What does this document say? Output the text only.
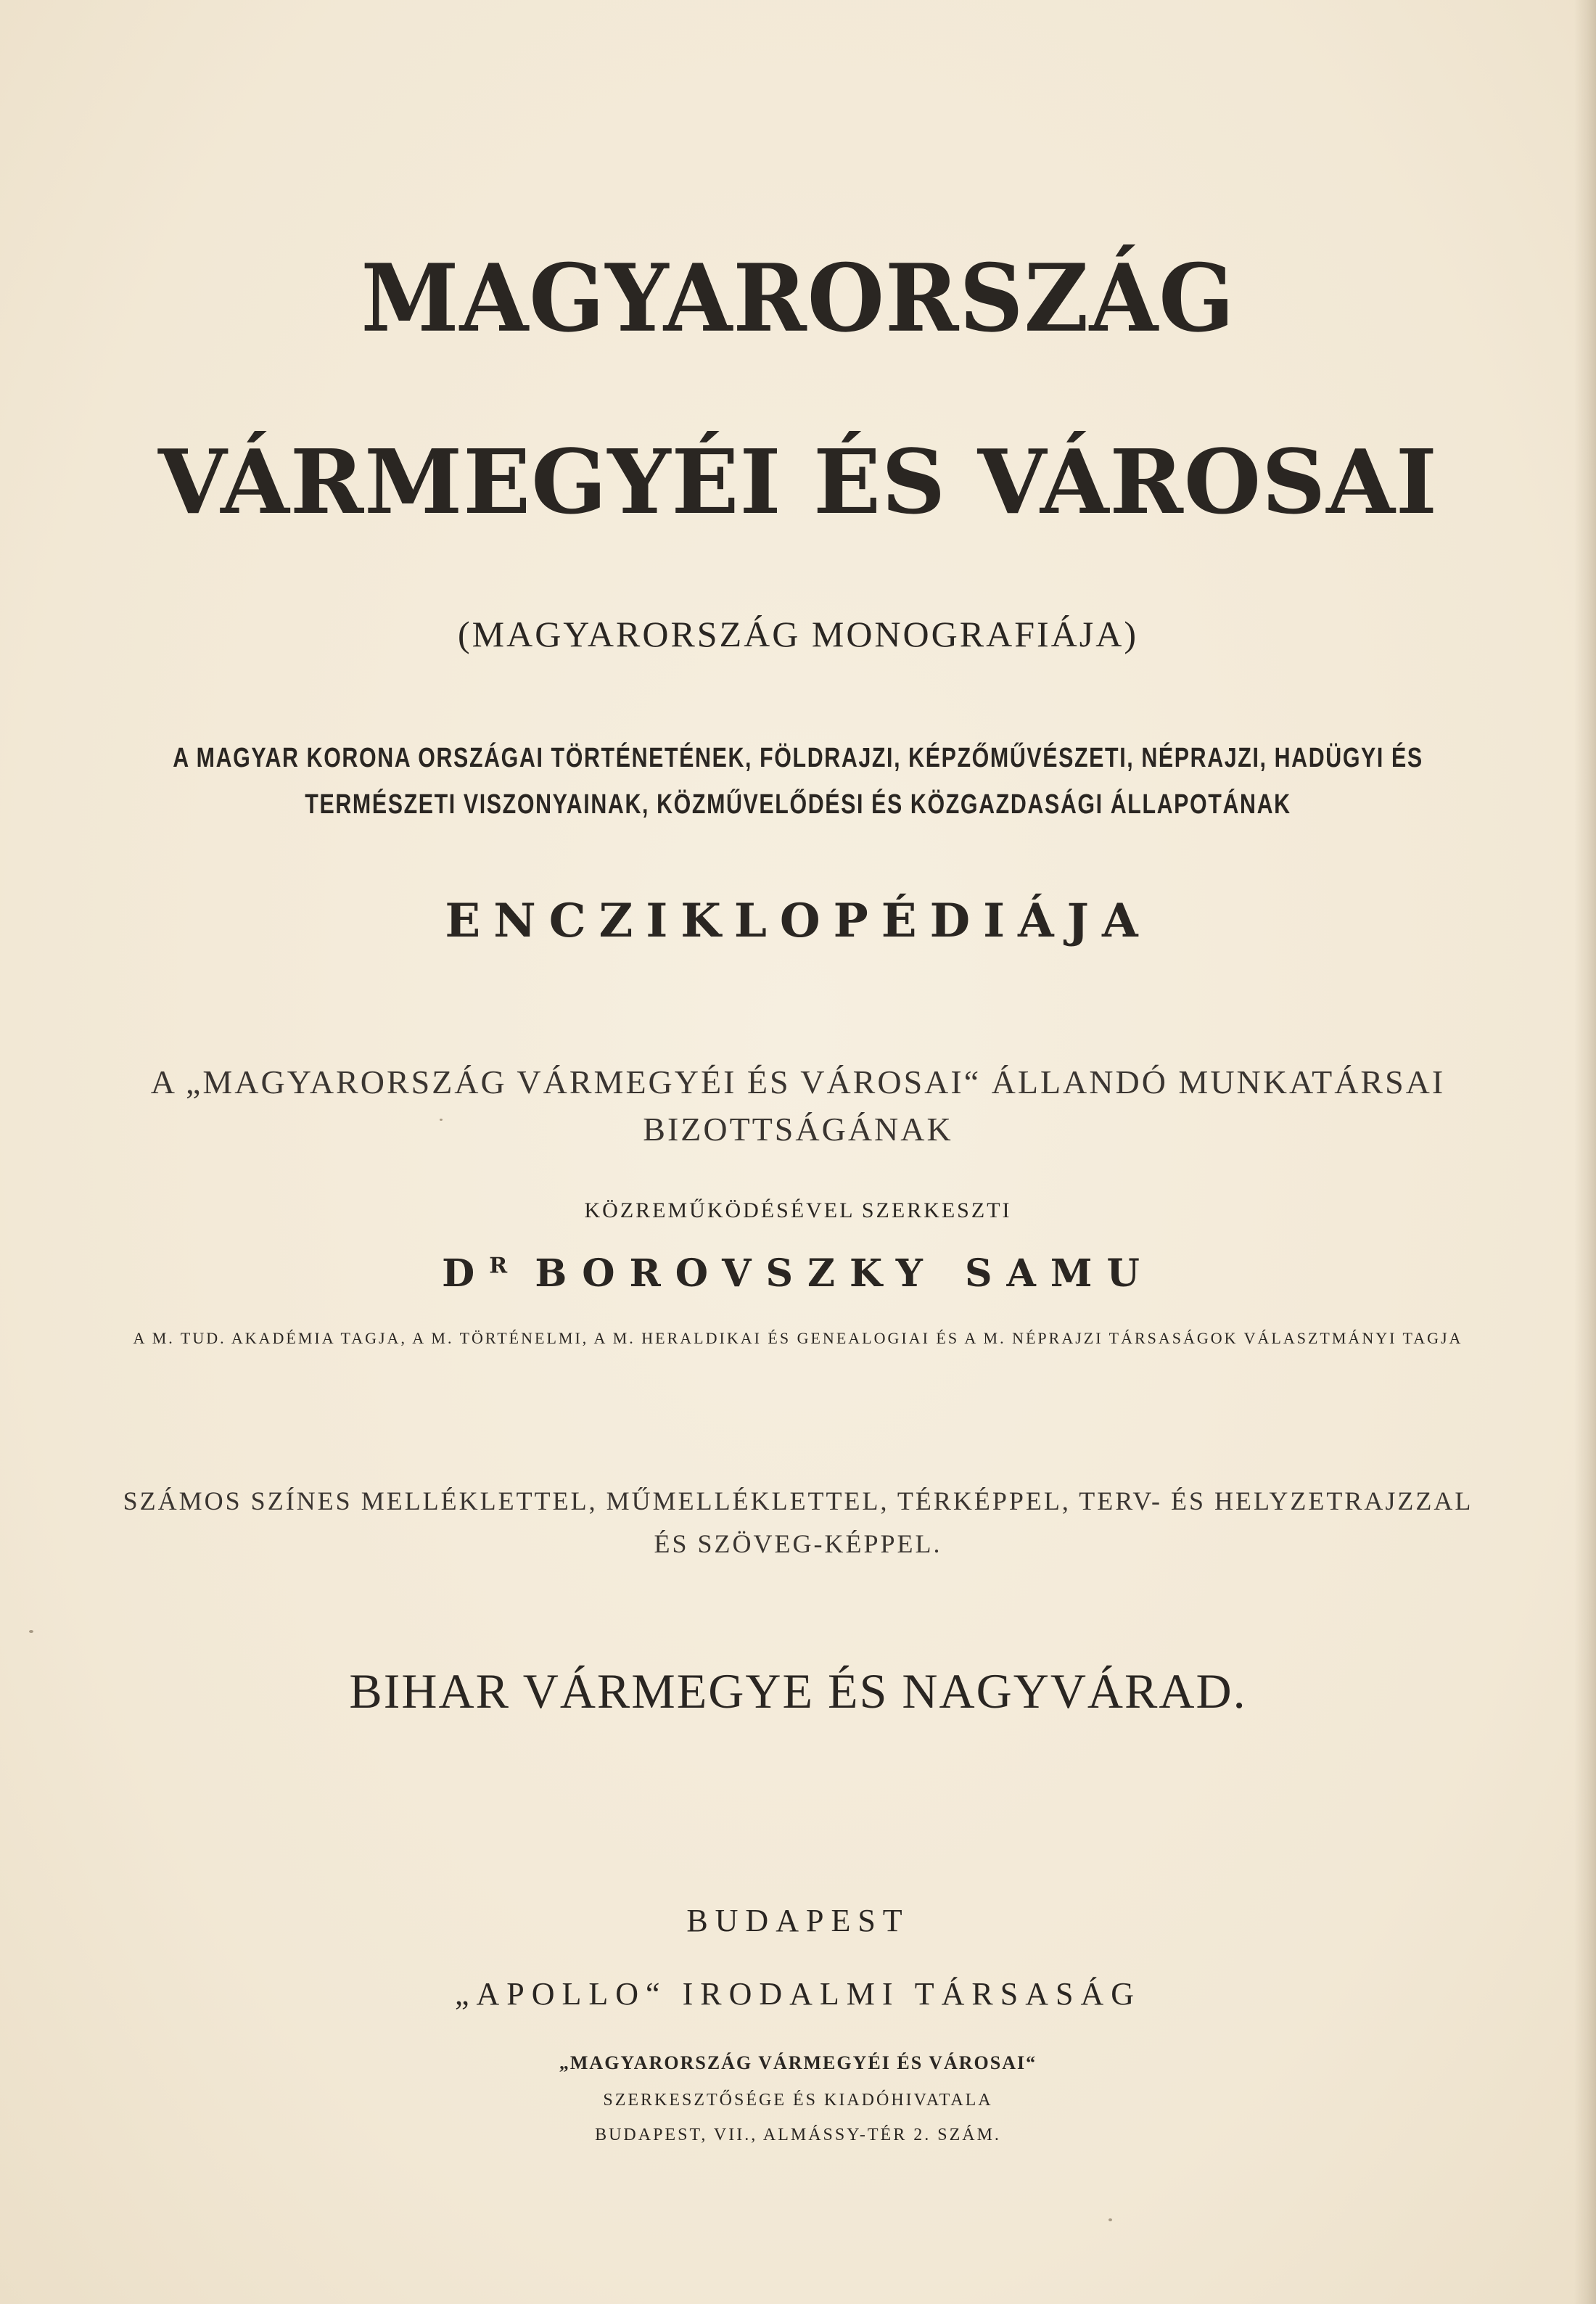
MAGYARORSZÁG
VÁRMEGYÉI ÉS VÁROSAI
(MAGYARORSZÁG MONOGRAFIÁJA)
A MAGYAR KORONA ORSZÁGAI TÖRTÉNETÉNEK, FÖLDRAJZI, KÉPZŐMŰVÉSZETI, NÉPRAJZI, HADÜGYI ÉS
TERMÉSZETI VISZONYAINAK, KÖZMŰVELŐDÉSI ÉS KÖZGAZDASÁGI ÁLLAPOTÁNAK
ENCZIKLOPÉDIÁJA
A „MAGYARORSZÁG VÁRMEGYÉI ÉS VÁROSAI“ ÁLLANDÓ MUNKATÁRSAI
BIZOTTSÁGÁNAK
KÖZREMŰKÖDÉSÉVEL SZERKESZTI
$D^R$ BOROVSZKY SAMU
A M. TUD. AKADÉMIA TAGJA, A M. TÖRTÉNELMI, A M. HERALDIKAI ÉS GENEALOGIAI ÉS A M. NÉPRAJZI TÁRSASÁGOK VÁLASZTMÁNYI TAGJA
SZÁMOS SZÍNES MELLÉKLETTEL, MŰMELLÉKLETTEL, TÉRKÉPPEL, TERV- ÉS HELYZETRAJZZAL
ÉS SZÖVEG-KÉPPEL.
BIHAR VÁRMEGYE ÉS NAGYVÁRAD.
BUDAPEST
„APOLLO“ IRODALMI TÁRSASÁG
„MAGYARORSZÁG VÁRMEGYÉI ÉS VÁROSAI“
SZERKESZTŐSÉGE ÉS KIADÓHIVATALA
BUDAPEST, VII., ALMÁSSY-TÉR 2. SZÁM.
